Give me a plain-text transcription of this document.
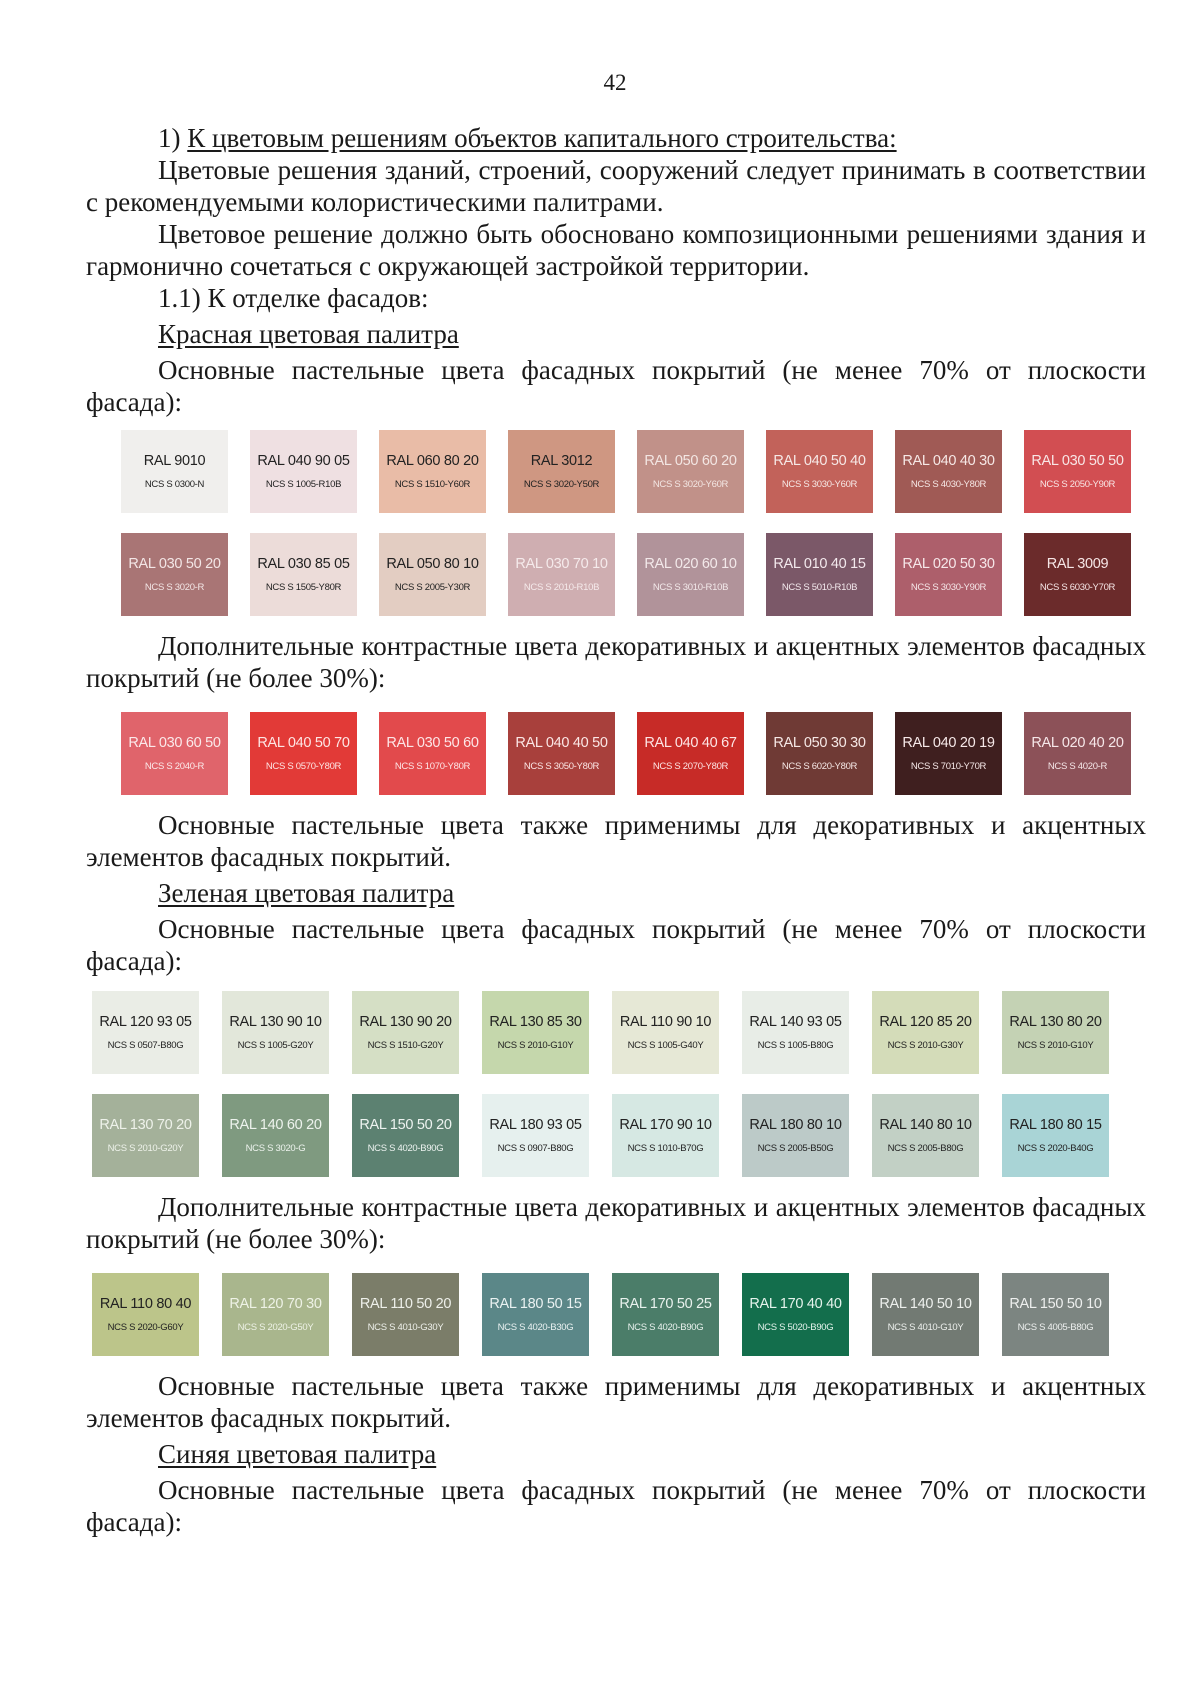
42

1) К цветовым решениям объектов капитального строительства:

Цветовые решения зданий, строений, сооружений следует принимать в соответствии с рекомендуемыми колористическими палитрами.

Цветовое решение должно быть обосновано композиционными решениями здания и гармонично сочетаться с окружающей застройкой территории.

1.1) К отделке фасадов:

Красная цветовая палитра

Основные пастельные цвета фасадных покрытий (не менее 70% от плоскости фасада):

RAL 9010
NCS S 0300-N
RAL 040 90 05
NCS S 1005-R10B
RAL 060 80 20
NCS S 1510-Y60R
RAL 3012
NCS S 3020-Y50R
RAL 050 60 20
NCS S 3020-Y60R
RAL 040 50 40
NCS S 3030-Y60R
RAL 040 40 30
NCS S 4030-Y80R
RAL 030 50 50
NCS S 2050-Y90R
RAL 030 50 20
NCS S 3020-R
RAL 030 85 05
NCS S 1505-Y80R
RAL 050 80 10
NCS S 2005-Y30R
RAL 030 70 10
NCS S 2010-R10B
RAL 020 60 10
NCS S 3010-R10B
RAL 010 40 15
NCS S 5010-R10B
RAL 020 50 30
NCS S 3030-Y90R
RAL 3009
NCS S 6030-Y70R

Дополнительные контрастные цвета декоративных и акцентных элементов фасадных покрытий (не более 30%):

RAL 030 60 50
NCS S 2040-R
RAL 040 50 70
NCS S 0570-Y80R
RAL 030 50 60
NCS S 1070-Y80R
RAL 040 40 50
NCS S 3050-Y80R
RAL 040 40 67
NCS S 2070-Y80R
RAL 050 30 30
NCS S 6020-Y80R
RAL 040 20 19
NCS S 7010-Y70R
RAL 020 40 20
NCS S 4020-R

Основные пастельные цвета также применимы для декоративных и акцентных элементов фасадных покрытий.

Зеленая цветовая палитра

Основные пастельные цвета фасадных покрытий (не менее 70% от плоскости фасада):

RAL 120 93 05
NCS S 0507-B80G
RAL 130 90 10
NCS S 1005-G20Y
RAL 130 90 20
NCS S 1510-G20Y
RAL 130 85 30
NCS S 2010-G10Y
RAL 110 90 10
NCS S 1005-G40Y
RAL 140 93 05
NCS S 1005-B80G
RAL 120 85 20
NCS S 2010-G30Y
RAL 130 80 20
NCS S 2010-G10Y
RAL 130 70 20
NCS S 2010-G20Y
RAL 140 60 20
NCS S 3020-G
RAL 150 50 20
NCS S 4020-B90G
RAL 180 93 05
NCS S 0907-B80G
RAL 170 90 10
NCS S 1010-B70G
RAL 180 80 10
NCS S 2005-B50G
RAL 140 80 10
NCS S 2005-B80G
RAL 180 80 15
NCS S 2020-B40G

Дополнительные контрастные цвета декоративных и акцентных элементов фасадных покрытий (не более 30%):

RAL 110 80 40
NCS S 2020-G60Y
RAL 120 70 30
NCS S 2020-G50Y
RAL 110 50 20
NCS S 4010-G30Y
RAL 180 50 15
NCS S 4020-B30G
RAL 170 50 25
NCS S 4020-B90G
RAL 170 40 40
NCS S 5020-B90G
RAL 140 50 10
NCS S 4010-G10Y
RAL 150 50 10
NCS S 4005-B80G

Основные пастельные цвета также применимы для декоративных и акцентных элементов фасадных покрытий.

Синяя цветовая палитра

Основные пастельные цвета фасадных покрытий (не менее 70% от плоскости фасада):
